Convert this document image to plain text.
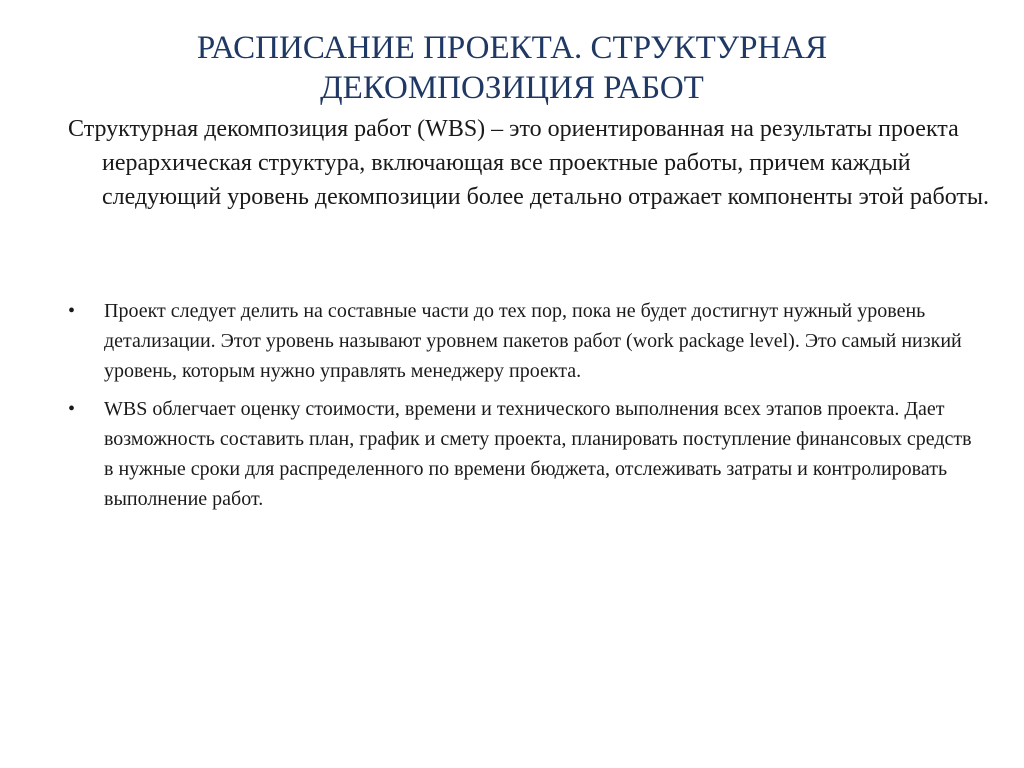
РАСПИСАНИЕ ПРОЕКТА. СТРУКТУРНАЯ
ДЕКОМПОЗИЦИЯ РАБОТ

Структурная декомпозиция работ (WBS) – это ориентированная на результаты проекта иерархическая структура, включающая все проектные работы, причем каждый следующий уровень декомпозиции более детально отражает компоненты этой работы.

• Проект следует делить на составные части до тех пор, пока не будет достигнут нужный уровень детализации. Этот уровень называют уровнем пакетов работ (work package level). Это самый низкий уровень, которым нужно управлять менеджеру проекта.
• WBS облегчает оценку стоимости, времени и технического выполнения всех этапов проекта. Дает возможность составить план, график и смету проекта, планировать поступление финансовых средств в нужные сроки для распределенного по времени бюджета, отслеживать затраты и контролировать выполнение работ.
